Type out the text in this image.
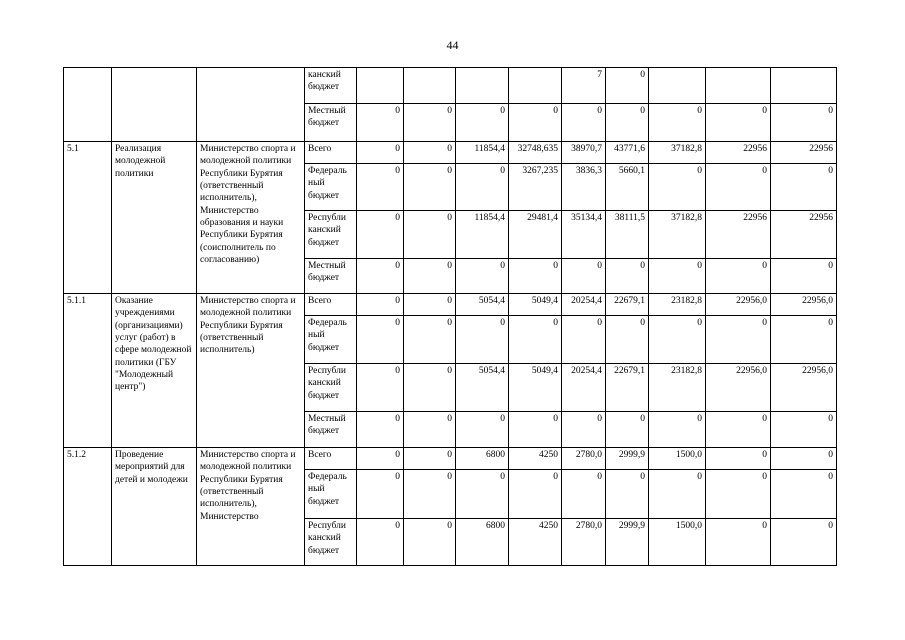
44
			канский бюджет					7	0			
			Местный бюджет	0	0	0	0	0	0	0	0	0
5.1	Реализация молодежной политики	Министерство спорта и молодежной политики Республики Бурятия (ответственный исполнитель), Министерство образования и науки Республики Бурятия (соисполнитель по согласованию)	Всего	0	0	11854,4	32748,635	38970,7	43771,6	37182,8	22956	22956
			Федераль ный бюджет	0	0	0	3267,235	3836,3	5660,1	0	0	0
			Республи канский бюджет	0	0	11854,4	29481,4	35134,4	38111,5	37182,8	22956	22956
			Местный бюджет	0	0	0	0	0	0	0	0	0
5.1.1	Оказание учреждениями (организациями) услуг (работ) в сфере молодежной политики (ГБУ "Молодежный центр")	Министерство спорта и молодежной политики Республики Бурятия (ответственный исполнитель)	Всего	0	0	5054,4	5049,4	20254,4	22679,1	23182,8	22956,0	22956,0
			Федераль ный бюджет	0	0	0	0	0	0	0	0	0
			Республи канский бюджет	0	0	5054,4	5049,4	20254,4	22679,1	23182,8	22956,0	22956,0
			Местный бюджет	0	0	0	0	0	0	0	0	0
5.1.2	Проведение мероприятий для детей и молодежи	Министерство спорта и молодежной политики Республики Бурятия (ответственный исполнитель), Министерство	Всего	0	0	6800	4250	2780,0	2999,9	1500,0	0	0
			Федераль ный бюджет	0	0	0	0	0	0	0	0	0
			Республи канский бюджет	0	0	6800	4250	2780,0	2999,9	1500,0	0	0
